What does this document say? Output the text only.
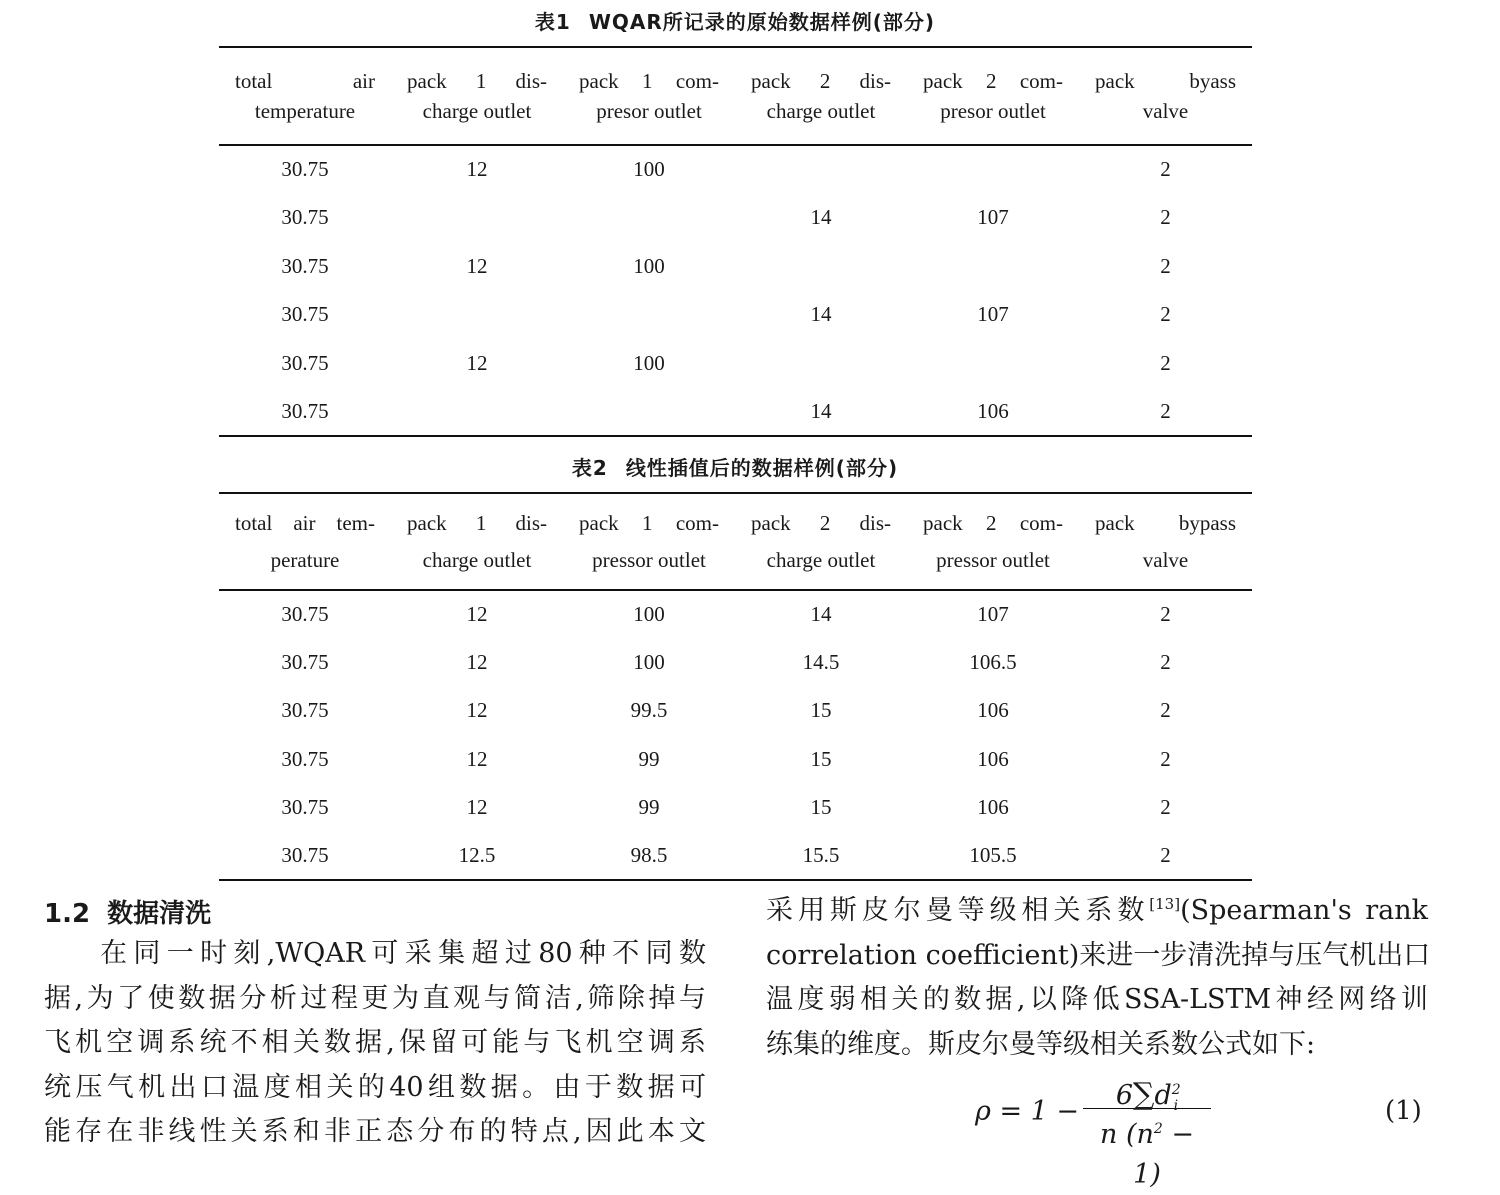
表1 WQAR所记录的原始数据样例(部分)
total air temperature	pack 1 dis- charge outlet	pack 1 com- presor outlet	pack 2 dis- charge outlet	pack 2 com- presor outlet	pack byass valve
30.75	12	100			2
30.75			14	107	2
30.75	12	100			2
30.75			14	107	2
30.75	12	100			2
30.75			14	106	2
表2 线性插值后的数据样例(部分)
total air tem- perature	pack 1 dis- charge outlet	pack 1 com- pressor outlet	pack 2 dis- charge outlet	pack 2 com- pressor outlet	pack bypass valve
30.75	12	100	14	107	2
30.75	12	100	14.5	106.5	2
30.75	12	99.5	15	106	2
30.75	12	99	15	106	2
30.75	12	99	15	106	2
30.75	12.5	98.5	15.5	105.5	2
1.2 数据清洗
在同一时刻,WQAR可采集超过80种不同数
据,为了使数据分析过程更为直观与简洁,筛除掉与
飞机空调系统不相关数据,保留可能与飞机空调系
统压气机出口温度相关的40组数据。由于数据可
能存在非线性关系和非正态分布的特点,因此本文
采用斯皮尔曼等级相关系数[13](Spearman's rank
correlation coefficient)来进一步清洗掉与压气机出口
温度弱相关的数据,以降低SSA-LSTM神经网络训
练集的维度。斯皮尔曼等级相关系数公式如下:
$\rho = 1 - \frac{6\sum d^2_i}{n (n^2 - 1)}$	(1)
